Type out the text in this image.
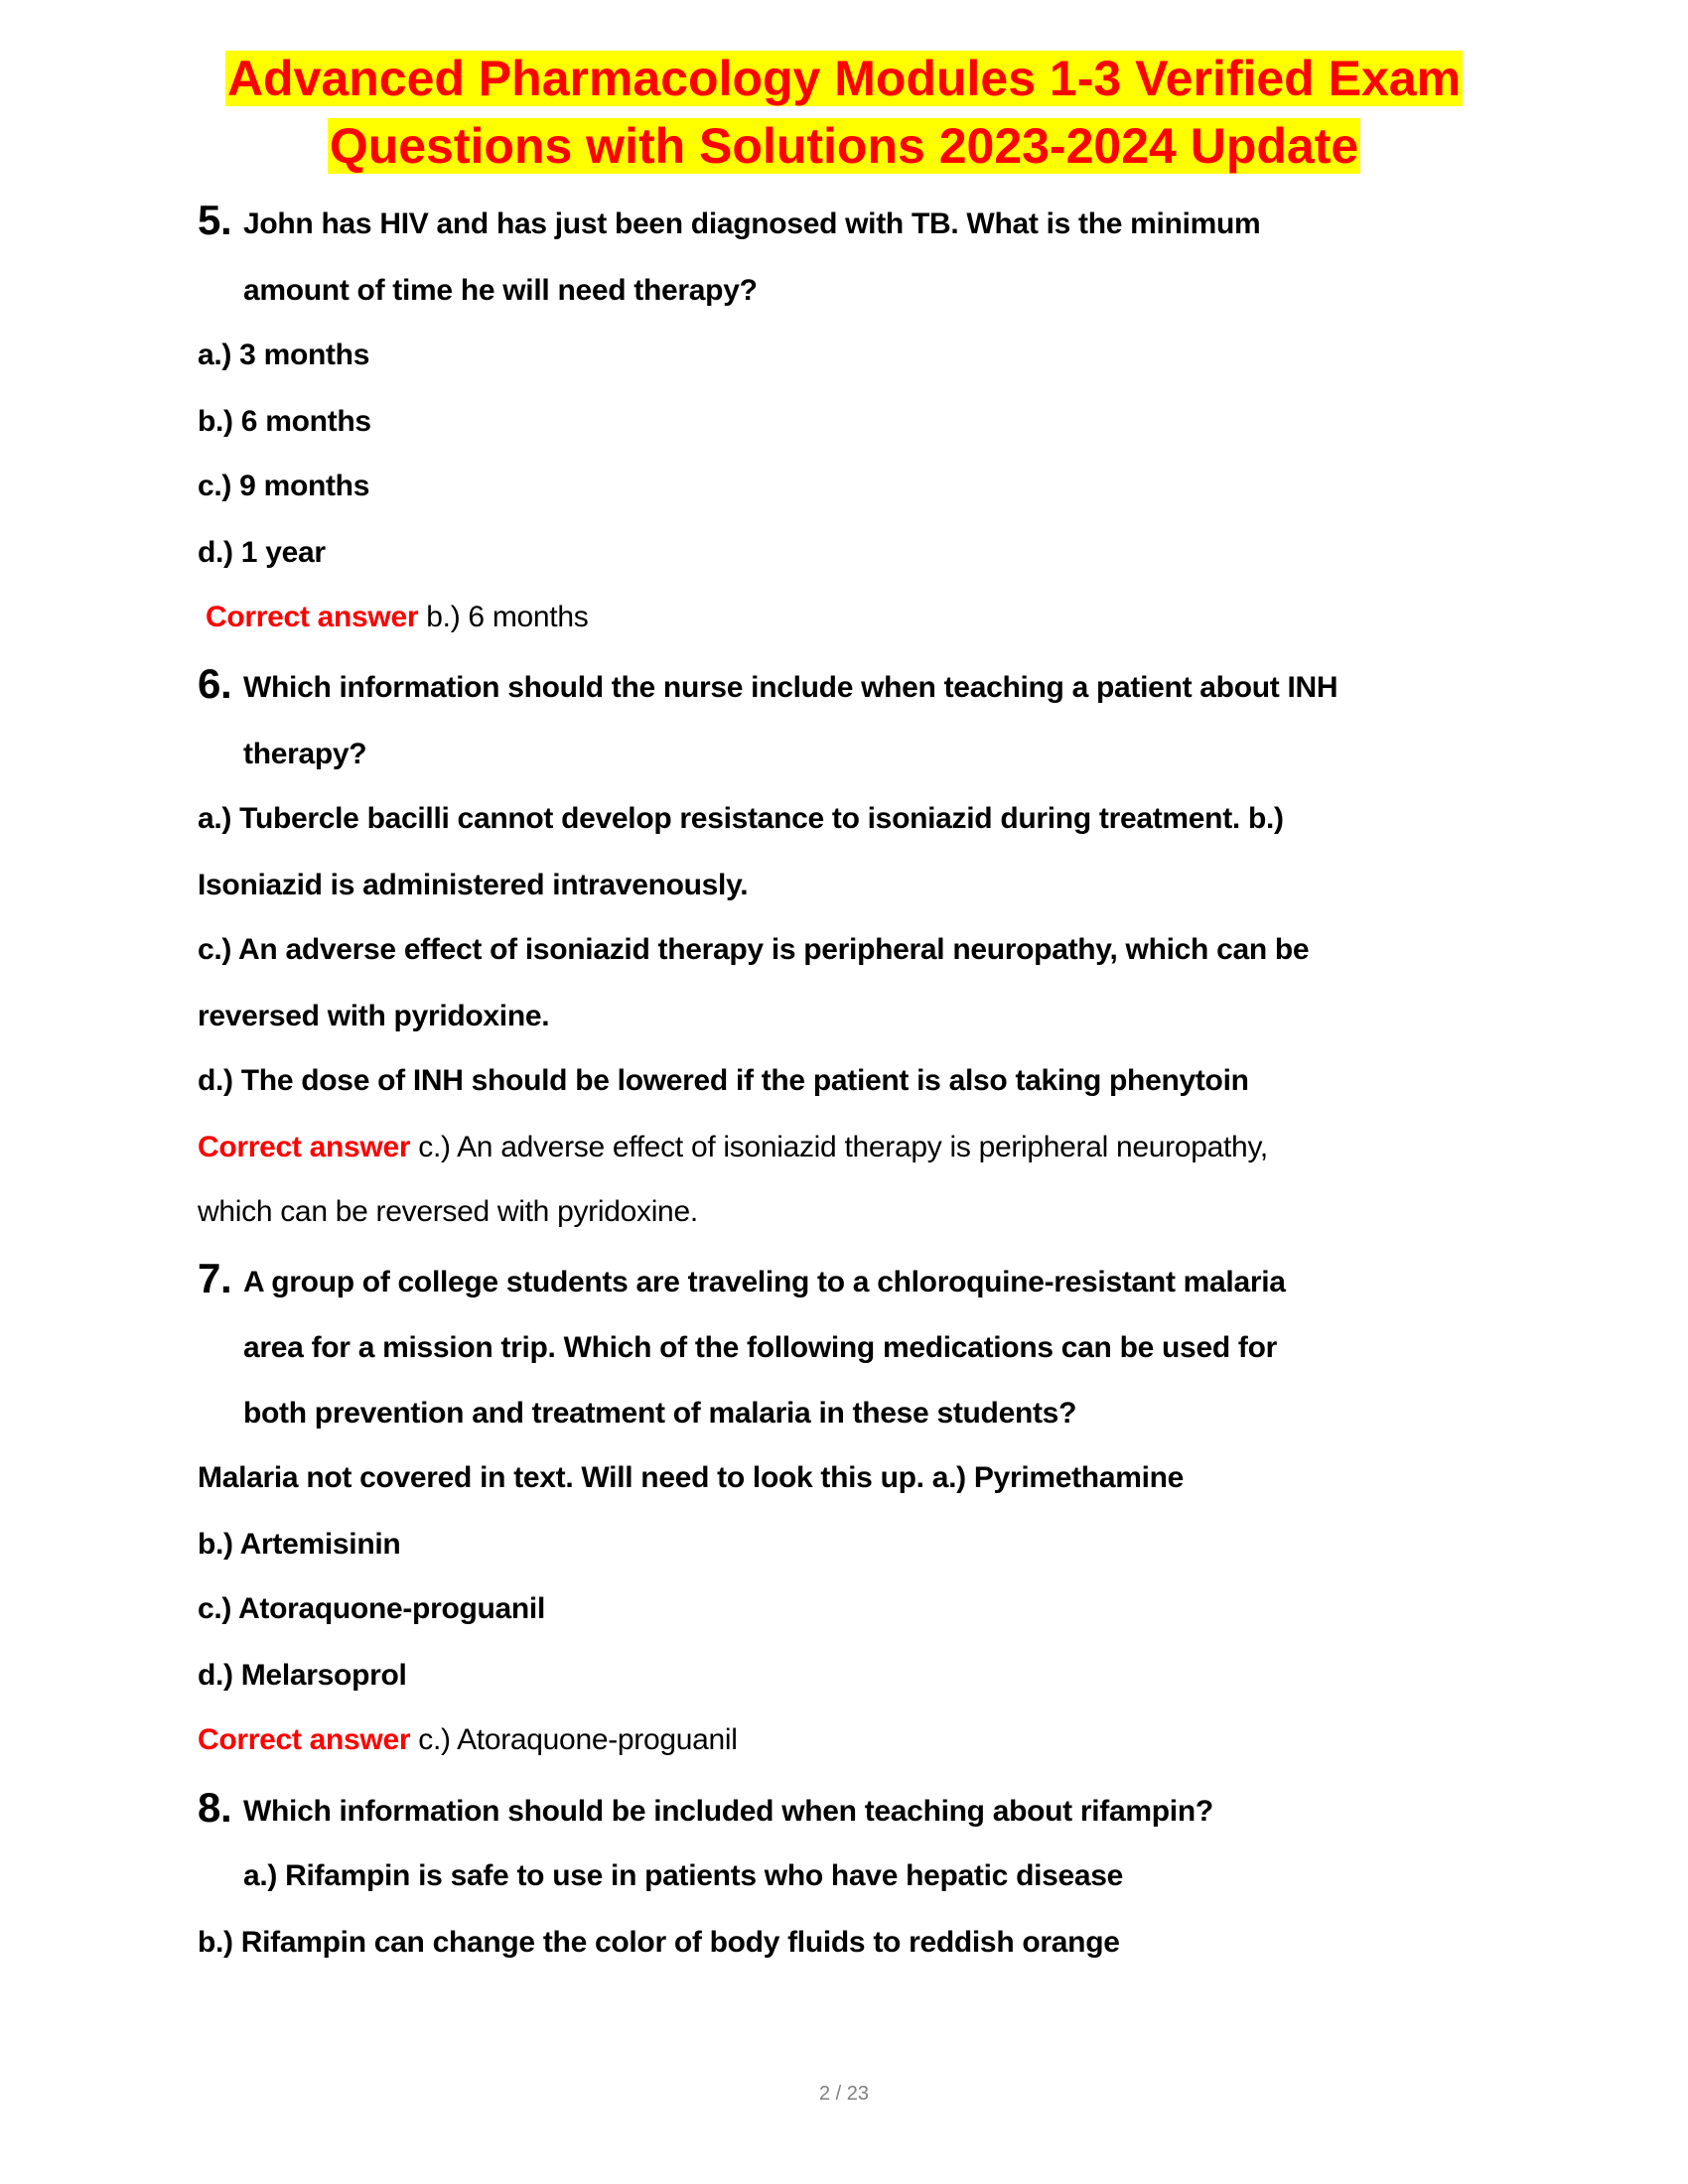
Advanced Pharmacology Modules 1-3 Verified Exam
Questions with Solutions 2023-2024 Update
5. John has HIV and has just been diagnosed with TB. What is the minimum
amount of time he will need therapy?
a.) 3 months
b.) 6 months
c.) 9 months
d.) 1 year
Correct answer b.) 6 months
6. Which information should the nurse include when teaching a patient about INH
therapy?
a.) Tubercle bacilli cannot develop resistance to isoniazid during treatment. b.)
Isoniazid is administered intravenously.
c.) An adverse effect of isoniazid therapy is peripheral neuropathy, which can be
reversed with pyridoxine.
d.) The dose of INH should be lowered if the patient is also taking phenytoin
Correct answer c.) An adverse effect of isoniazid therapy is peripheral neuropathy,
which can be reversed with pyridoxine.
7. A group of college students are traveling to a chloroquine-resistant malaria
area for a mission trip. Which of the following medications can be used for
both prevention and treatment of malaria in these students?
Malaria not covered in text. Will need to look this up. a.) Pyrimethamine
b.) Artemisinin
c.) Atoraquone-proguanil
d.) Melarsoprol
Correct answer c.) Atoraquone-proguanil
8. Which information should be included when teaching about rifampin?
a.) Rifampin is safe to use in patients who have hepatic disease
b.) Rifampin can change the color of body fluids to reddish orange
2 / 23
